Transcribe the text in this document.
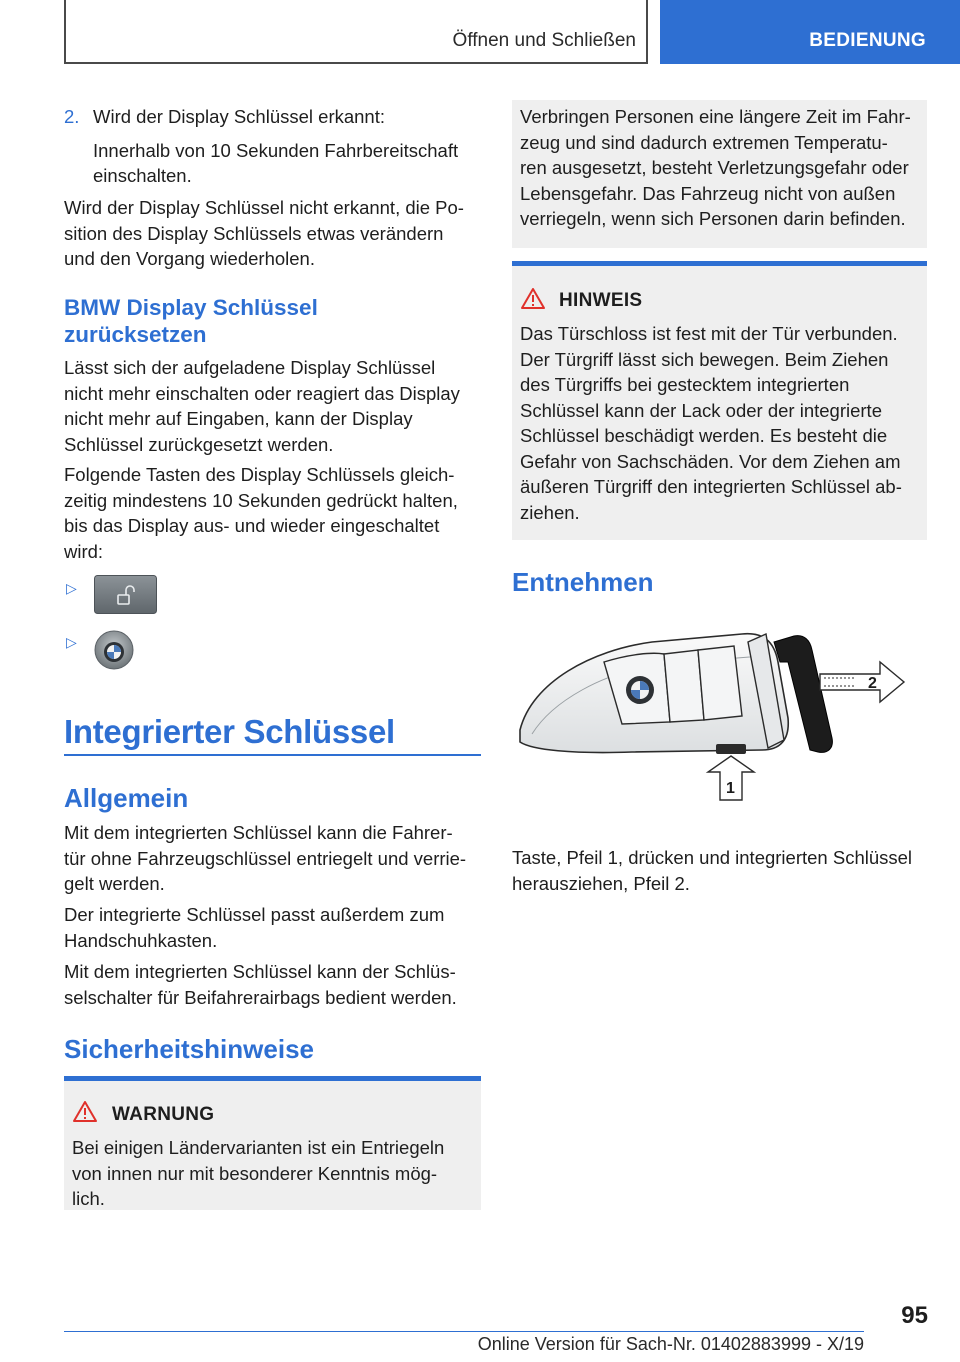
Öffnen und Schließen	BEDIENUNG
2. Wird der Display Schlüssel erkannt:
Innerhalb von 10 Sekunden Fahrbereitschaft
einschalten.
Wird der Display Schlüssel nicht erkannt, die Po-
sition des Display Schlüssels etwas verändern
und den Vorgang wiederholen.
BMW Display Schlüssel
zurücksetzen
Lässt sich der aufgeladene Display Schlüssel
nicht mehr einschalten oder reagiert das Display
nicht mehr auf Eingaben, kann der Display
Schlüssel zurückgesetzt werden.
Folgende Tasten des Display Schlüssels gleich-
zeitig mindestens 10 Sekunden gedrückt halten,
bis das Display aus- und wieder eingeschaltet
wird:
▷
▷
Integrierter Schlüssel
Allgemein
Mit dem integrierten Schlüssel kann die Fahrer-
tür ohne Fahrzeugschlüssel entriegelt und verrie-
gelt werden.
Der integrierte Schlüssel passt außerdem zum
Handschuhkasten.
Mit dem integrierten Schlüssel kann der Schlüs-
selschalter für Beifahrerairbags bedient werden.
Sicherheitshinweise
WARNUNG
Bei einigen Ländervarianten ist ein Entriegeln
von innen nur mit besonderer Kenntnis mög-
lich.
Verbringen Personen eine längere Zeit im Fahr-
zeug und sind dadurch extremen Temperatu-
ren ausgesetzt, besteht Verletzungsgefahr oder
Lebensgefahr. Das Fahrzeug nicht von außen
verriegeln, wenn sich Personen darin befinden.
HINWEIS
Das Türschloss ist fest mit der Tür verbunden.
Der Türgriff lässt sich bewegen. Beim Ziehen
des Türgriffs bei gestecktem integrierten
Schlüssel kann der Lack oder der integrierte
Schlüssel beschädigt werden. Es besteht die
Gefahr von Sachschäden. Vor dem Ziehen am
äußeren Türgriff den integrierten Schlüssel ab-
ziehen.
Entnehmen
2
1
Taste, Pfeil 1, drücken und integrierten Schlüssel
herausziehen, Pfeil 2.
95
Online Version für Sach-Nr. 01402883999 - X/19
